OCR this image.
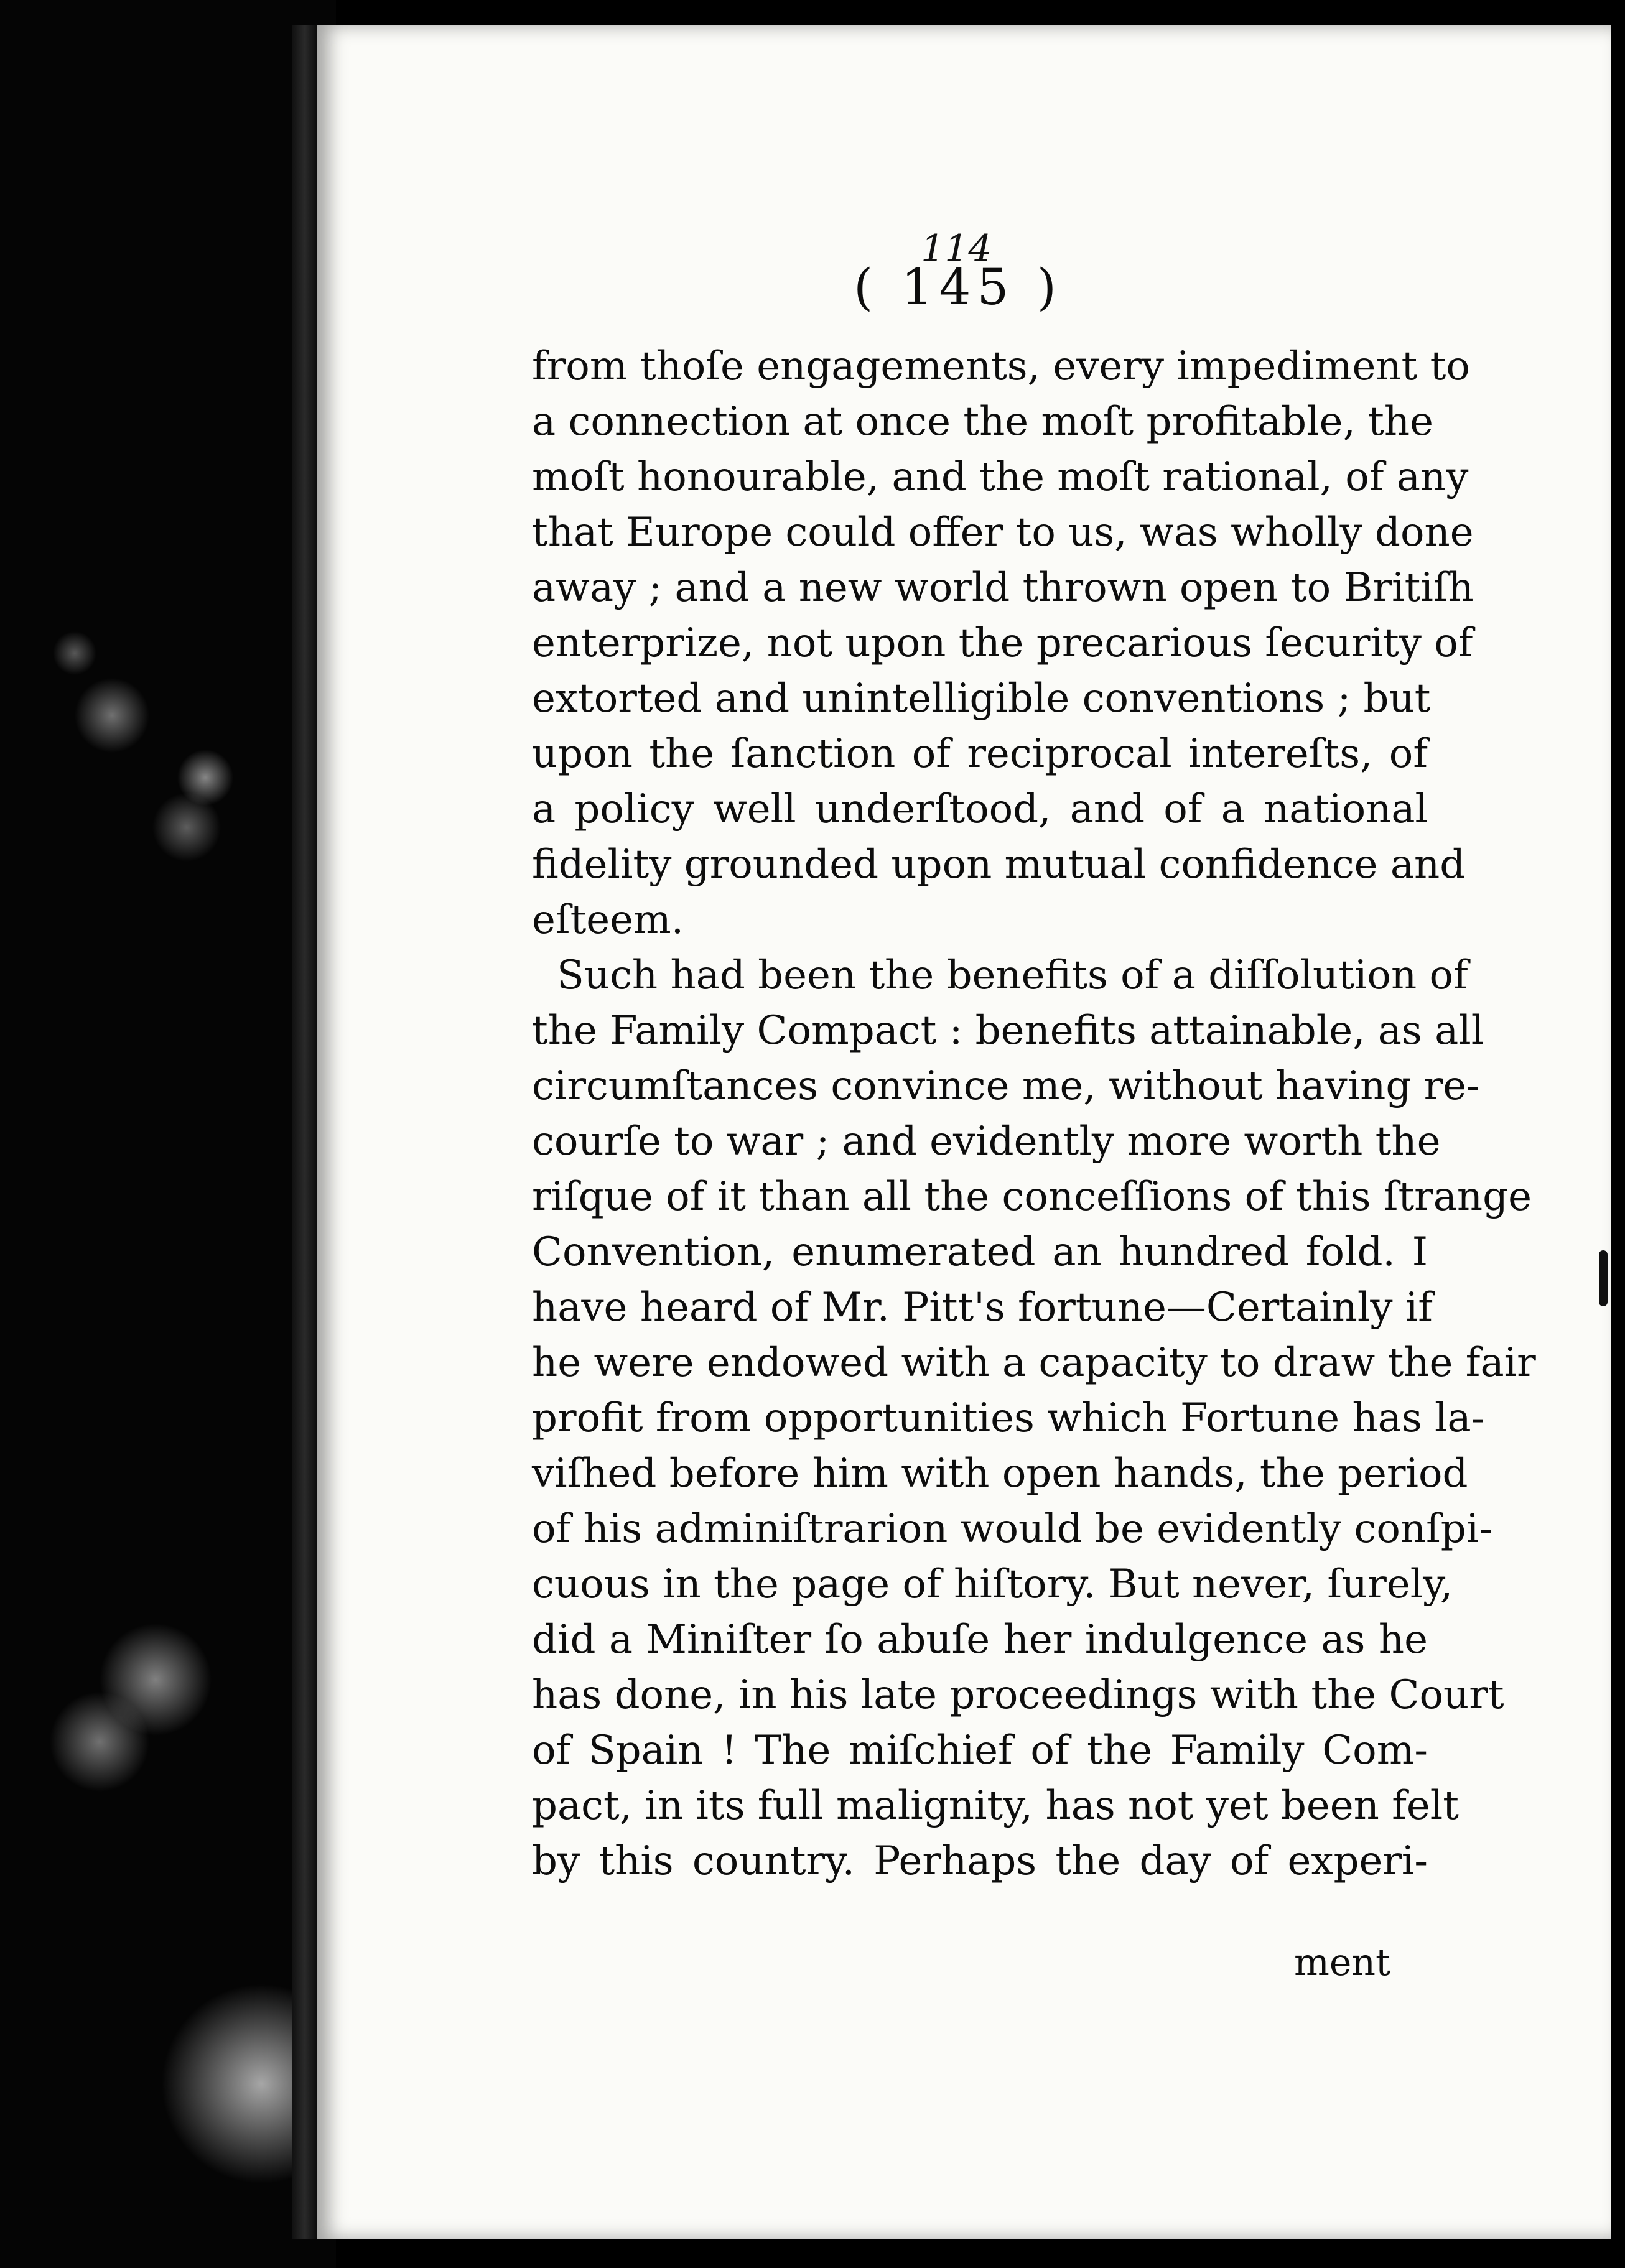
114
( 145 )
from thoſe engagements, every impediment to
a connection at once the moſt profitable, the
moſt honourable, and the moſt rational, of any
that Europe could offer to us, was wholly done
away ; and a new world thrown open to Britiſh
enterprize, not upon the precarious ſecurity of
extorted and unintelligible conventions ; but
upon the ſanction of reciprocal intereſts, of
a policy well underſtood, and of a national
fidelity grounded upon mutual confidence and
eſteem.
Such had been the benefits of a diſſolution of
the Family Compact : benefits attainable, as all
circumſtances convince me, without having re-
courſe to war ; and evidently more worth the
riſque of it than all the conceſſions of this ſtrange
Convention, enumerated an hundred fold. I
have heard of Mr. Pitt's fortune—Certainly if
he were endowed with a capacity to draw the fair
profit from opportunities which Fortune has la-
viſhed before him with open hands, the period
of his adminiſtrarion would be evidently conſpi-
cuous in the page of hiſtory. But never, ſurely,
did a Miniſter ſo abuſe her indulgence as he
has done, in his late proceedings with the Court
of Spain ! The miſchief of the Family Com-
pact, in its full malignity, has not yet been felt
by this country. Perhaps the day of experi-
ment
